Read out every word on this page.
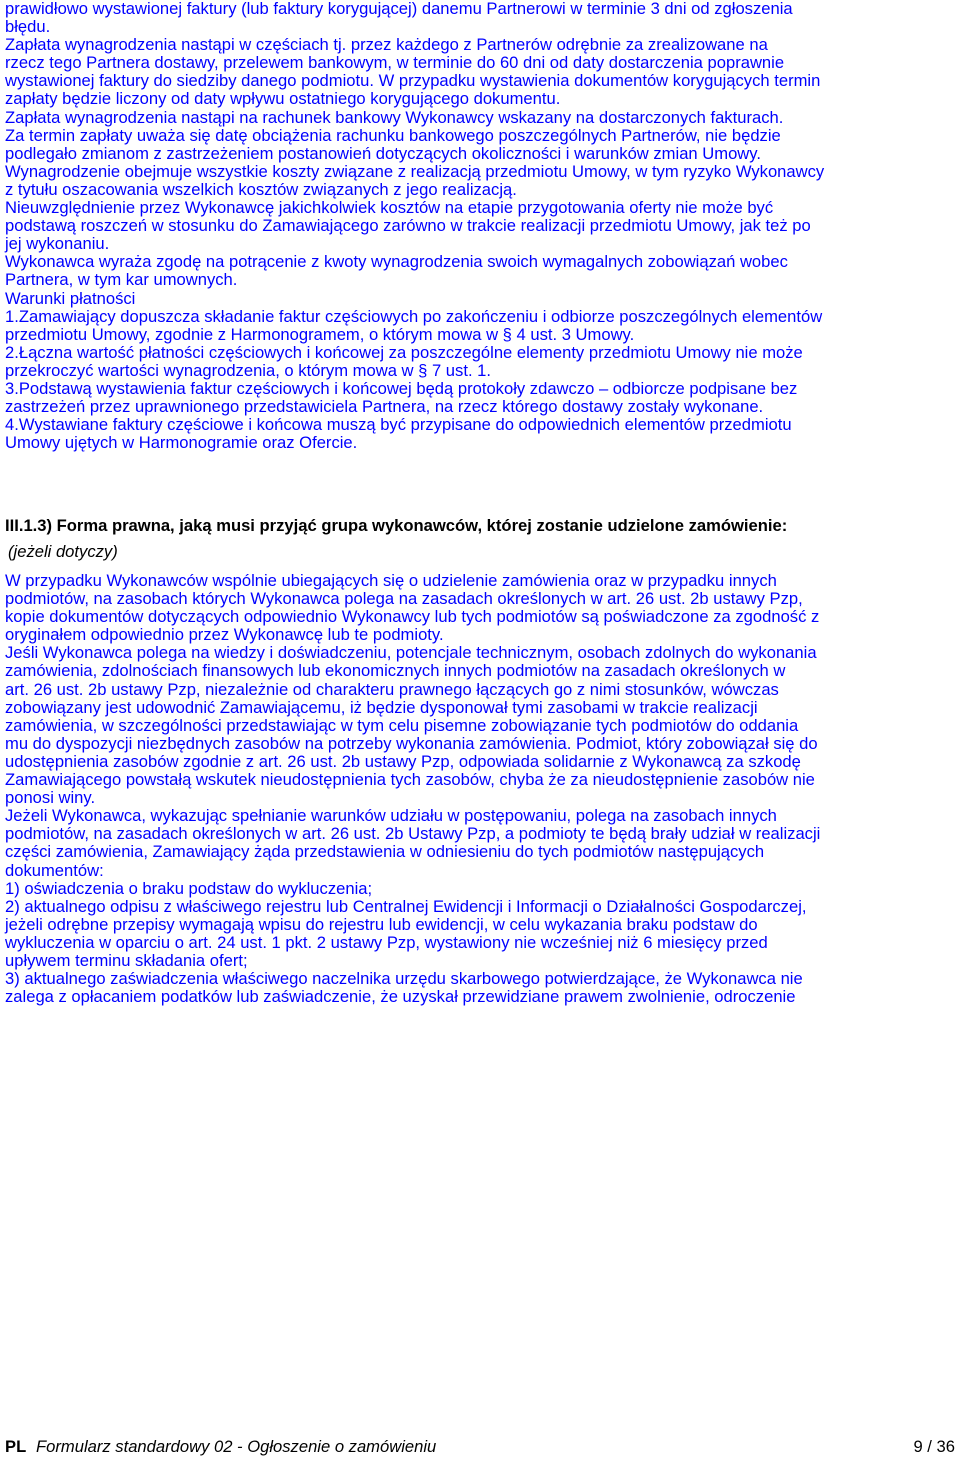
prawidłowo wystawionej faktury (lub faktury korygującej) danemu Partnerowi w terminie 3 dni od zgłoszenia

błędu.

Zapłata wynagrodzenia nastąpi w częściach tj. przez każdego z Partnerów odrębnie za zrealizowane na

rzecz tego Partnera dostawy, przelewem bankowym, w terminie do 60 dni od daty dostarczenia poprawnie

wystawionej faktury do siedziby danego podmiotu. W przypadku wystawienia dokumentów korygujących termin

zapłaty będzie liczony od daty wpływu ostatniego korygującego dokumentu.

Zapłata wynagrodzenia nastąpi na rachunek bankowy Wykonawcy wskazany na dostarczonych fakturach.

Za termin zapłaty uważa się datę obciążenia rachunku bankowego poszczególnych Partnerów, nie będzie

podlegało zmianom z zastrzeżeniem postanowień dotyczących okoliczności i warunków zmian Umowy.

Wynagrodzenie obejmuje wszystkie koszty związane z realizacją przedmiotu Umowy, w tym ryzyko Wykonawcy

z tytułu oszacowania wszelkich kosztów związanych z jego realizacją.

Nieuwzględnienie przez Wykonawcę jakichkolwiek kosztów na etapie przygotowania oferty nie może być

podstawą roszczeń w stosunku do Zamawiającego zarówno w trakcie realizacji przedmiotu Umowy, jak też po

jej wykonaniu.

Wykonawca wyraża zgodę na potrącenie z kwoty wynagrodzenia swoich wymagalnych zobowiązań wobec

Partnera, w tym kar umownych.

Warunki płatności

1.Zamawiający dopuszcza składanie faktur częściowych po zakończeniu i odbiorze poszczególnych elementów

przedmiotu Umowy, zgodnie z Harmonogramem, o którym mowa w § 4 ust. 3 Umowy.

2.Łączna wartość płatności częściowych i końcowej za poszczególne elementy przedmiotu Umowy nie może

przekroczyć wartości wynagrodzenia, o którym mowa w § 7 ust. 1.

3.Podstawą wystawienia faktur częściowych i końcowej będą protokoły zdawczo – odbiorcze podpisane bez

zastrzeżeń przez uprawnionego przedstawiciela Partnera, na rzecz którego dostawy zostały wykonane.

4.Wystawiane faktury częściowe i końcowa muszą być przypisane do odpowiednich elementów przedmiotu

Umowy ujętych w Harmonogramie oraz Ofercie.

III.1.3) Forma prawna, jaką musi przyjąć grupa wykonawców, której zostanie udzielone zamówienie:
(jeżeli dotyczy)

W przypadku Wykonawców wspólnie ubiegających się o udzielenie zamówienia oraz w przypadku innych

podmiotów, na zasobach których Wykonawca polega na zasadach określonych w art. 26 ust. 2b ustawy Pzp,

kopie dokumentów dotyczących odpowiednio Wykonawcy lub tych podmiotów są poświadczone za zgodność z

oryginałem odpowiednio przez Wykonawcę lub te podmioty.

Jeśli Wykonawca polega na wiedzy i doświadczeniu, potencjale technicznym, osobach zdolnych do wykonania

zamówienia, zdolnościach finansowych lub ekonomicznych innych podmiotów na zasadach określonych w

art. 26 ust. 2b ustawy Pzp, niezależnie od charakteru prawnego łączących go z nimi stosunków, wówczas

zobowiązany jest udowodnić Zamawiającemu, iż będzie dysponował tymi zasobami w trakcie realizacji

zamówienia, w szczególności przedstawiając w tym celu pisemne zobowiązanie tych podmiotów do oddania

mu do dyspozycji niezbędnych zasobów na potrzeby wykonania zamówienia. Podmiot, który zobowiązał się do

udostępnienia zasobów zgodnie z art. 26 ust. 2b ustawy Pzp, odpowiada solidarnie z Wykonawcą za szkodę

Zamawiającego powstałą wskutek nieudostępnienia tych zasobów, chyba że za nieudostępnienie zasobów nie

ponosi winy.

Jeżeli Wykonawca, wykazując spełnianie warunków udziału w postępowaniu, polega na zasobach innych

podmiotów, na zasadach określonych w art. 26 ust. 2b Ustawy Pzp, a podmioty te będą brały udział w realizacji

części zamówienia, Zamawiający żąda przedstawienia w odniesieniu do tych podmiotów następujących

dokumentów:

1) oświadczenia o braku podstaw do wykluczenia;

2) aktualnego odpisu z właściwego rejestru lub Centralnej Ewidencji i Informacji o Działalności Gospodarczej,

jeżeli odrębne przepisy wymagają wpisu do rejestru lub ewidencji, w celu wykazania braku podstaw do

wykluczenia w oparciu o art. 24 ust. 1 pkt. 2 ustawy Pzp, wystawiony nie wcześniej niż 6 miesięcy przed

upływem terminu składania ofert;

3) aktualnego zaświadczenia właściwego naczelnika urzędu skarbowego potwierdzające, że Wykonawca nie

zalega z opłacaniem podatków lub zaświadczenie, że uzyskał przewidziane prawem zwolnienie, odroczenie

PL Formularz standardowy 02 - Ogłoszenie o zamówieniu	9 / 36
